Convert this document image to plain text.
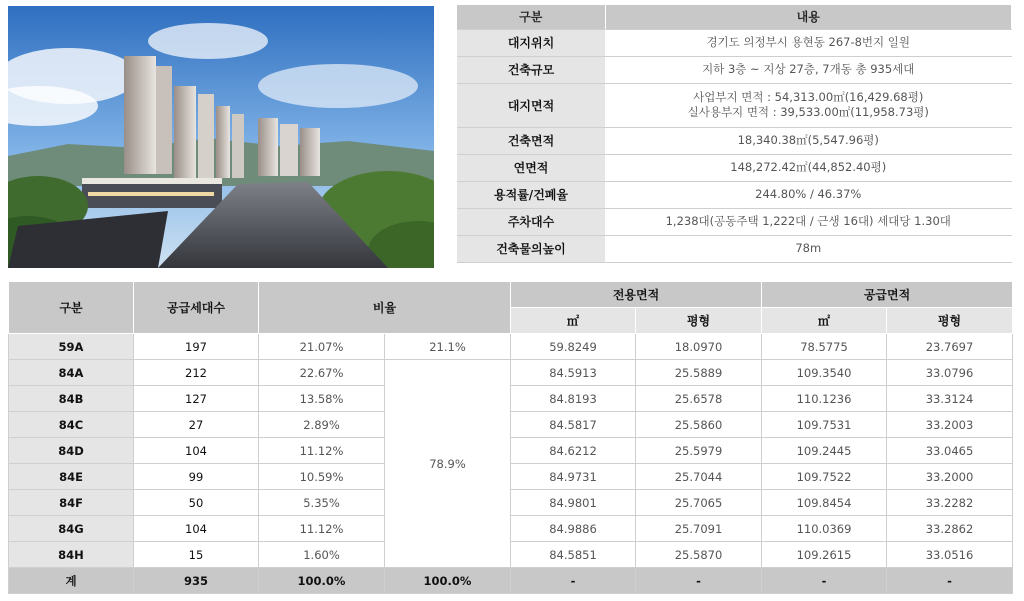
구분	내용
대지위치	경기도 의정부시 용현동 267-8번지 일원
건축규모	지하 3층 ~ 지상 27층, 7개동 총 935세대
대지면적	사업부지 면적 : 54,313.00㎡(16,429.68평)
실사용부지 면적 : 39,533.00㎡(11,958.73평)

건축면적	18,340.38㎡(5,547.96평)
연면적	148,272.42㎡(44,852.40평)
용적률/건폐율	244.80% / 46.37%
주차대수	1,238대(공동주택 1,222대 / 근생 16대) 세대당 1.30대
건축물의높이	78m
구분	공급세대수	비율		전용면적		공급면적	
				㎡	평형	㎡	평형
59A	197	21.07%	21.1%	59.8249	18.0970	78.5775	23.7697
84A	212	22.67%	78.9%	84.5913	25.5889	109.3540	33.0796
84B	127	13.58%		84.8193	25.6578	110.1236	33.3124
84C	27	2.89%		84.5817	25.5860	109.7531	33.2003
84D	104	11.12%		84.6212	25.5979	109.2445	33.0465
84E	99	10.59%		84.9731	25.7044	109.7522	33.2000
84F	50	5.35%		84.9801	25.7065	109.8454	33.2282
84G	104	11.12%		84.9886	25.7091	110.0369	33.2862
84H	15	1.60%		84.5851	25.5870	109.2615	33.0516
계	935	100.0%	100.0%	-	-	-	-
